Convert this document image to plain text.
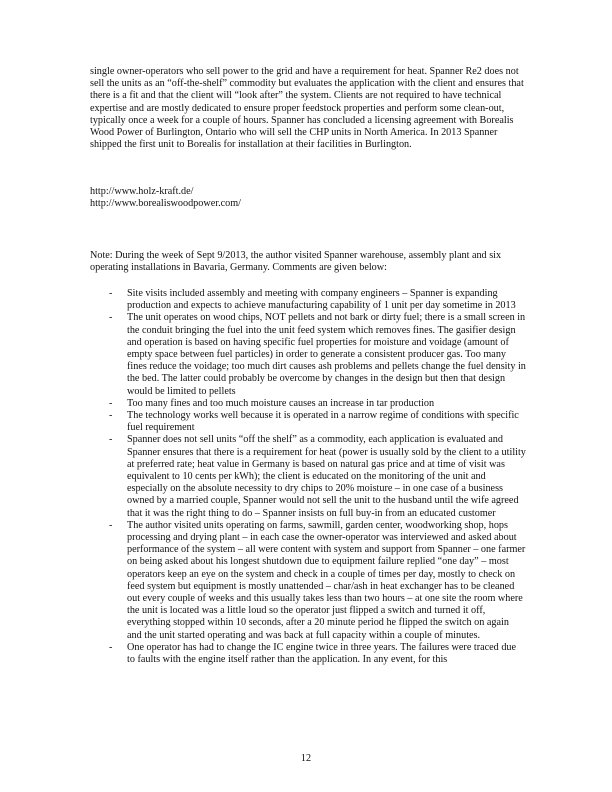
single owner-operators who sell power to the grid and have a requirement for heat. Spanner Re2 does not sell the units as an “off-the-shelf” commodity but evaluates the application with the client and ensures that there is a fit and that the client will “look after” the system. Clients are not required to have technical expertise and are mostly dedicated to ensure proper feedstock properties and perform some clean-out, typically once a week for a couple of hours. Spanner has concluded a licensing agreement with Borealis Wood Power of Burlington, Ontario who will sell the CHP units in North America. In 2013 Spanner shipped the first unit to Borealis for installation at their facilities in Burlington.

http://www.holz-kraft.de/
http://www.borealiswoodpower.com/

Note: During the week of Sept 9/2013, the author visited Spanner warehouse, assembly plant and six operating installations in Bavaria, Germany. Comments are given below:

- Site visits included assembly and meeting with company engineers – Spanner is expanding production and expects to achieve manufacturing capability of 1 unit per day sometime in 2013
- The unit operates on wood chips, NOT pellets and not bark or dirty fuel; there is a small screen in the conduit bringing the fuel into the unit feed system which removes fines. The gasifier design and operation is based on having specific fuel properties for moisture and voidage (amount of empty space between fuel particles) in order to generate a consistent producer gas. Too many fines reduce the voidage; too much dirt causes ash problems and pellets change the fuel density in the bed. The latter could probably be overcome by changes in the design but then that design would be limited to pellets
- Too many fines and too much moisture causes an increase in tar production
- The technology works well because it is operated in a narrow regime of conditions with specific fuel requirement
- Spanner does not sell units “off the shelf” as a commodity, each application is evaluated and Spanner ensures that there is a requirement for heat (power is usually sold by the client to a utility at preferred rate; heat value in Germany is based on natural gas price and at time of visit was equivalent to 10 cents per kWh); the client is educated on the monitoring of the unit and especially on the absolute necessity to dry chips to 20% moisture – in one case of a business owned by a married couple, Spanner would not sell the unit to the husband until the wife agreed that it was the right thing to do – Spanner insists on full buy-in from an educated customer
- The author visited units operating on farms, sawmill, garden center, woodworking shop, hops processing and drying plant – in each case the owner-operator was interviewed and asked about performance of the system – all were content with system and support from Spanner – one farmer on being asked about his longest shutdown due to equipment failure replied “one day” – most operators keep an eye on the system and check in a couple of times per day, mostly to check on feed system but equipment is mostly unattended – char/ash in heat exchanger has to be cleaned out every couple of weeks and this usually takes less than two hours – at one site the room where the unit is located was a little loud so the operator just flipped a switch and turned it off, everything stopped within 10 seconds, after a 20 minute period he flipped the switch on again and the unit started operating and was back at full capacity within a couple of minutes.
- One operator has had to change the IC engine twice in three years. The failures were traced due to faults with the engine itself rather than the application. In any event, for this
12
